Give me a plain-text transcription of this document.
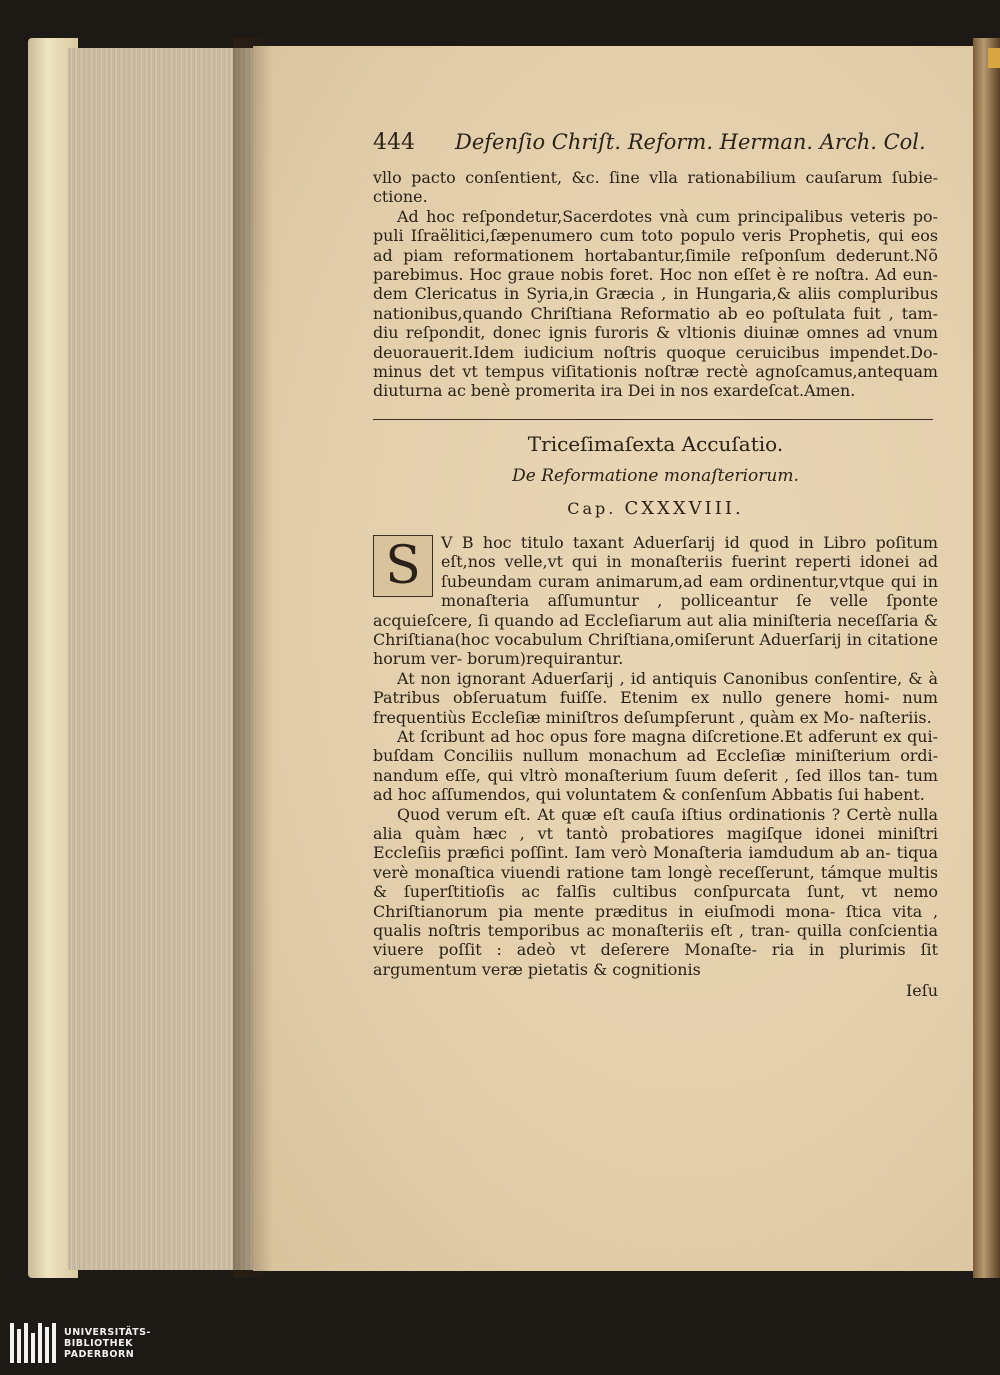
444 Defenſio Chriſt. Reform. Herman. Arch. Col.

vllo pacto conſentient, &c. ſine vlla rationabilium cauſarum ſubie- ctione.

Ad hoc reſpondetur,Sacerdotes vnà cum principalibus veteris po- puli Iſraëlitici,ſæpenumero cum toto populo veris Prophetis, qui eos ad piam reformationem hortabantur,ſimile reſponſum dederunt.Nõ parebimus. Hoc graue nobis foret. Hoc non eſſet è re noſtra. Ad eun- dem Clericatus in Syria,in Græcia , in Hungaria,& aliis compluribus nationibus,quando Chriſtiana Reformatio ab eo poſtulata fuit , tam- diu reſpondit, donec ignis furoris & vltionis diuinæ omnes ad vnum deuorauerit.Idem iudicium noſtris quoque ceruicibus impendet.Do- minus det vt tempus viſitationis noſtræ rectè agnoſcamus,antequam diuturna ac benè promerita ira Dei in nos exardeſcat.Amen.

Triceſimaſexta Accuſatio.
De Reformatione monaſteriorum.
Cap. CXXXVIII.
S	V B hoc titulo taxant Aduerſarij id quod in Libro poſitum eſt,nos velle,vt qui in monaſteriis fuerint reperti idonei ad ſubeundam curam animarum,ad eam ordinentur,vtque qui in monaſteria aſſumuntur , polliceantur ſe velle ſponte acquieſcere, ſi quando ad Eccleſiarum aut alia miniſteria neceſſaria & Chriſtiana(hoc vocabulum Chriſtiana,omiſerunt Aduerſarij in citatione horum ver- borum)requirantur.

At non ignorant Aduerſarij , id antiquis Canonibus conſentire, & à Patribus obſeruatum fuiſſe. Etenim ex nullo genere homi- num frequentiùs Eccleſiæ miniſtros deſumpſerunt , quàm ex Mo- naſteriis.

At ſcribunt ad hoc opus fore magna diſcretione.Et adferunt ex qui- buſdam Conciliis nullum monachum ad Eccleſiæ miniſterium ordi- nandum eſſe, qui vltrò monaſterium ſuum deſerit , ſed illos tan- tum ad hoc aſſumendos, qui voluntatem & conſenſum Abbatis ſui habent.

Quod verum eſt. At quæ eſt cauſa iſtius ordinationis ? Certè nulla alia quàm hæc , vt tantò probatiores magiſque idonei miniſtri Eccleſiis præfici poſſint. Iam verò Monaſteria iamdudum ab an- tiqua verè monaſtica viuendi ratione tam longè receſſerunt, támque multis & ſuperſtitioſis ac falſis cultibus conſpurcata ſunt, vt nemo Chriſtianorum pia mente præditus in eiuſmodi mona- ſtica vita , qualis noſtris temporibus ac monaſteriis eſt , tran- quilla conſcientia viuere poſſit : adeò vt deſerere Monaſte- ria in plurimis ſit argumentum veræ pietatis & cognitionis

Ieſu
UNIVERSITÄTS-
BIBLIOTHEK
PADERBORN
